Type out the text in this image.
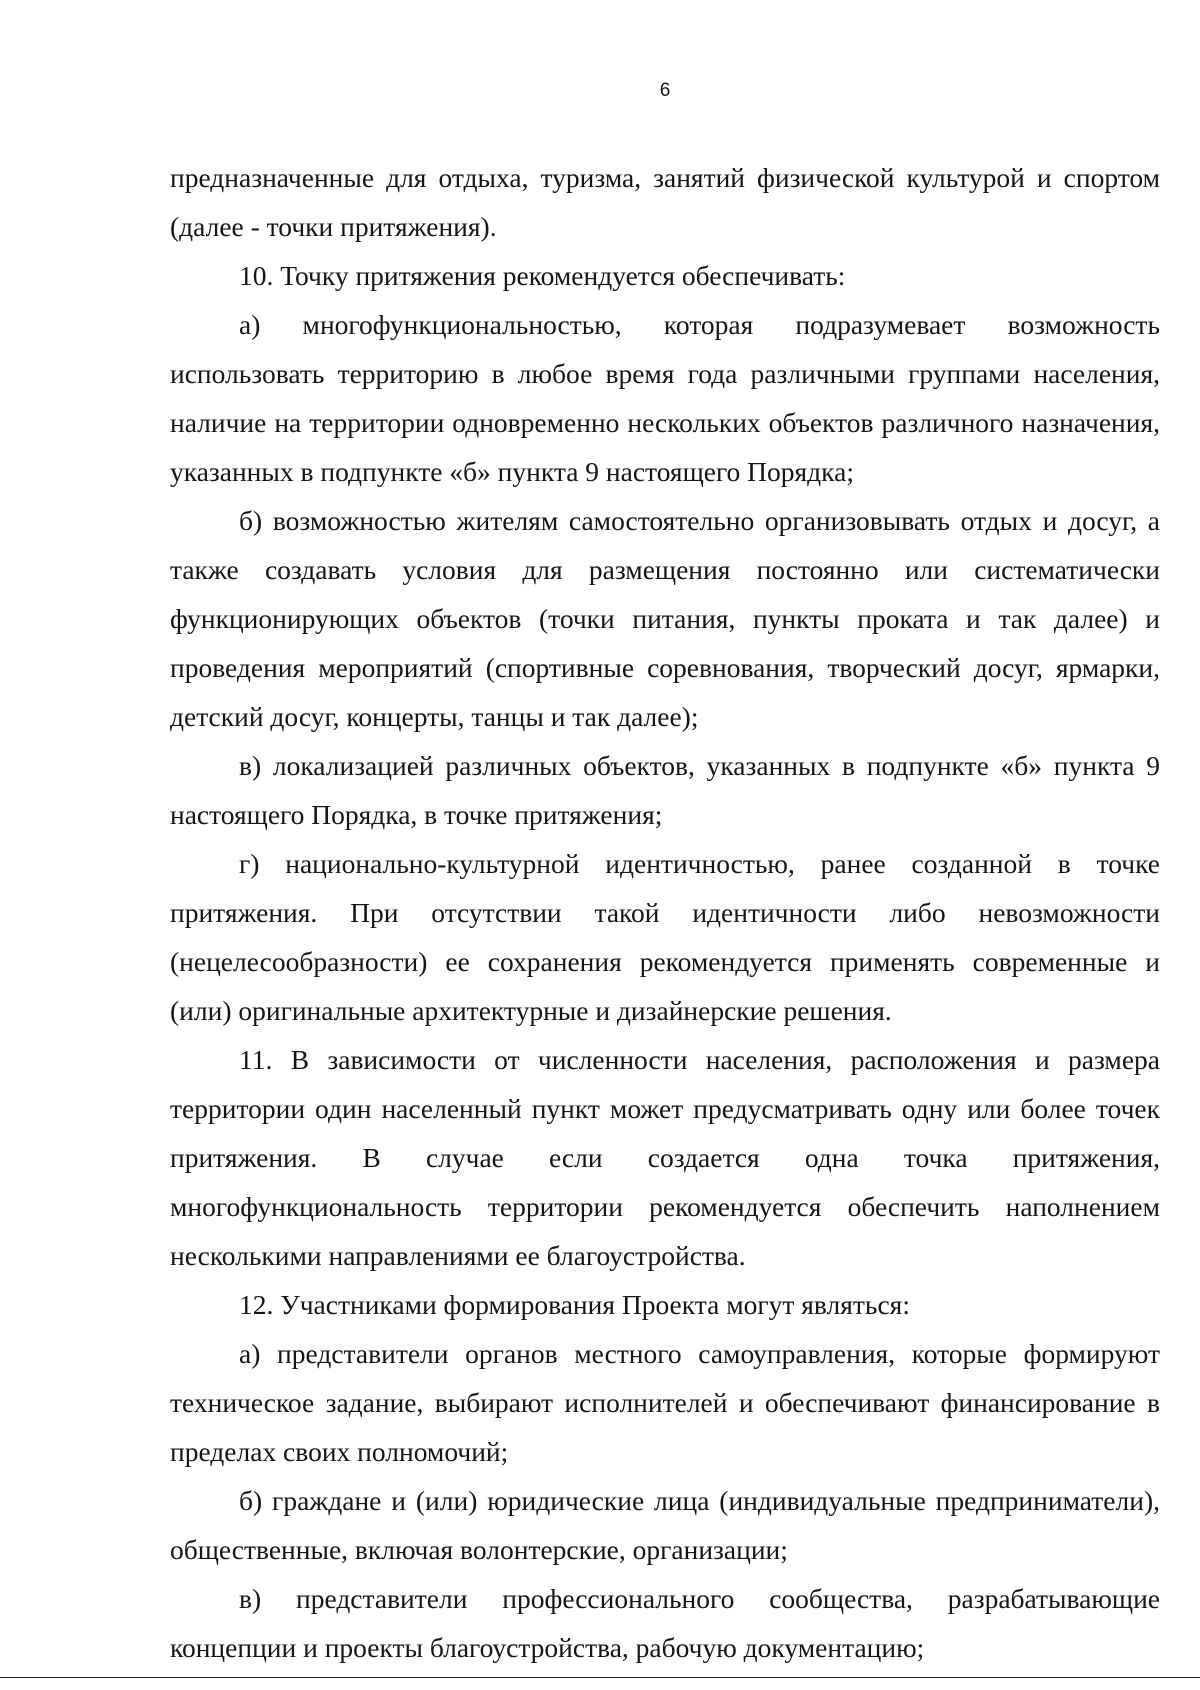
6

предназначенные для отдыха, туризма, занятий физической культурой и спортом (далее - точки притяжения).

10. Точку притяжения рекомендуется обеспечивать:

а) многофункциональностью, которая подразумевает возможность использовать территорию в любое время года различными группами населения, наличие на территории одновременно нескольких объектов различного назначения, указанных в подпункте «б» пункта 9 настоящего Порядка;

б) возможностью жителям самостоятельно организовывать отдых и досуг, а также создавать условия для размещения постоянно или систематически функционирующих объектов (точки питания, пункты проката и так далее) и проведения мероприятий (спортивные соревнования, творческий досуг, ярмарки, детский досуг, концерты, танцы и так далее);

в) локализацией различных объектов, указанных в подпункте «б» пункта 9 настоящего Порядка, в точке притяжения;

г) национально-культурной идентичностью, ранее созданной в точке притяжения. При отсутствии такой идентичности либо невозможности (нецелесообразности) ее сохранения рекомендуется применять современные и (или) оригинальные архитектурные и дизайнерские решения.

11. В зависимости от численности населения, расположения и размера территории один населенный пункт может предусматривать одну или более точек притяжения. В случае если создается одна точка притяжения, многофункциональность территории рекомендуется обеспечить наполнением несколькими направлениями ее благоустройства.

12. Участниками формирования Проекта могут являться:

а) представители органов местного самоуправления, которые формируют техническое задание, выбирают исполнителей и обеспечивают финансирование в пределах своих полномочий;

б) граждане и (или) юридические лица (индивидуальные предприниматели), общественные, включая волонтерские, организации;

в) представители профессионального сообщества, разрабатывающие концепции и проекты благоустройства, рабочую документацию;
